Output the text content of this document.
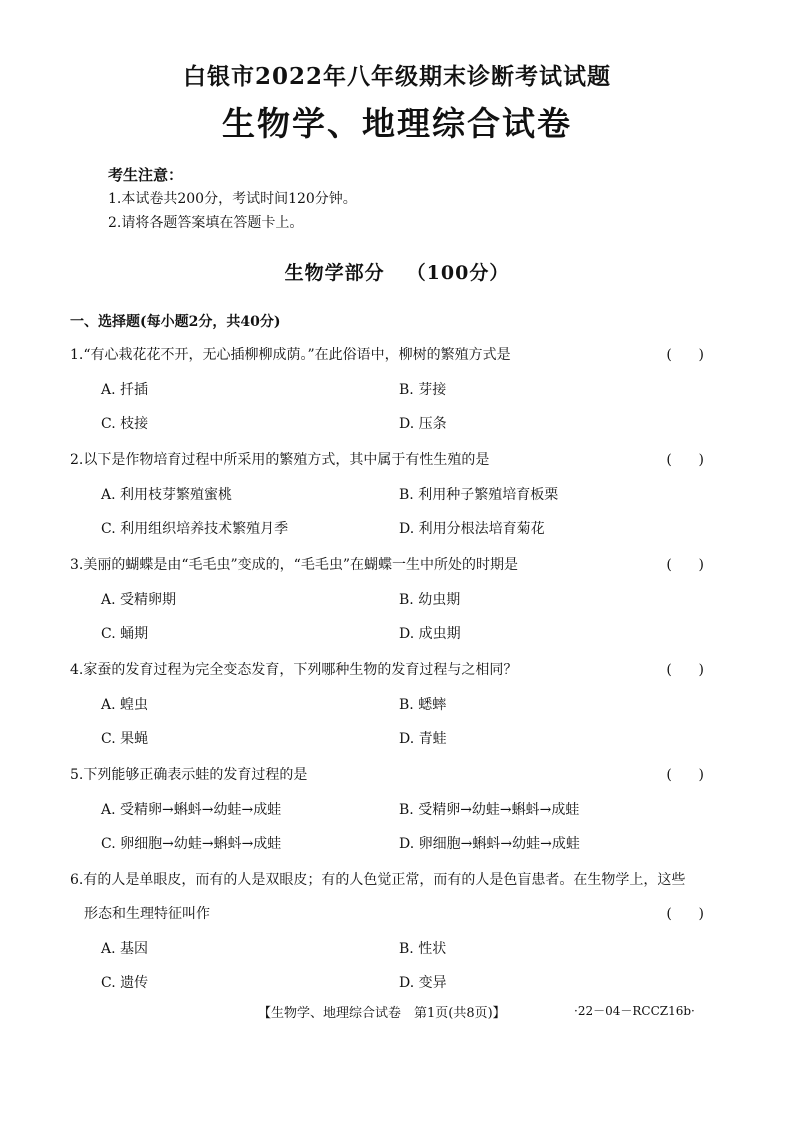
白银市2022年八年级期末诊断考试试题
生物学、地理综合试卷
考生注意：
1.本试卷共200分，考试时间120分钟。
2.请将各题答案填在答题卡上。
生物学部分 （100分）
一、选择题(每小题2分，共40分)
1.“有心栽花花不开，无心插柳柳成荫。”在此俗语中，柳树的繁殖方式是	(      )
A. 扦插	B. 芽接
C. 枝接	D. 压条
2.以下是作物培育过程中所采用的繁殖方式，其中属于有性生殖的是	(      )
A. 利用枝芽繁殖蜜桃	B. 利用种子繁殖培育板栗
C. 利用组织培养技术繁殖月季	D. 利用分根法培育菊花
3.美丽的蝴蝶是由“毛毛虫”变成的，“毛毛虫”在蝴蝶一生中所处的时期是	(      )
A. 受精卵期	B. 幼虫期
C. 蛹期	D. 成虫期
4.家蚕的发育过程为完全变态发育，下列哪种生物的发育过程与之相同？	(      )
A. 蝗虫	B. 蟋蟀
C. 果蝇	D. 青蛙
5.下列能够正确表示蛙的发育过程的是	(      )
A. 受精卵→蝌蚪→幼蛙→成蛙	B. 受精卵→幼蛙→蝌蚪→成蛙
C. 卵细胞→幼蛙→蝌蚪→成蛙	D. 卵细胞→蝌蚪→幼蛙→成蛙
6.有的人是单眼皮，而有的人是双眼皮；有的人色觉正常，而有的人是色盲患者。在生物学上，这些
形态和生理特征叫作	(      )
A. 基因	B. 性状
C. 遗传	D. 变异
【生物学、地理综合试卷　第1页(共8页)】	·22－04－RCCZ16b·
